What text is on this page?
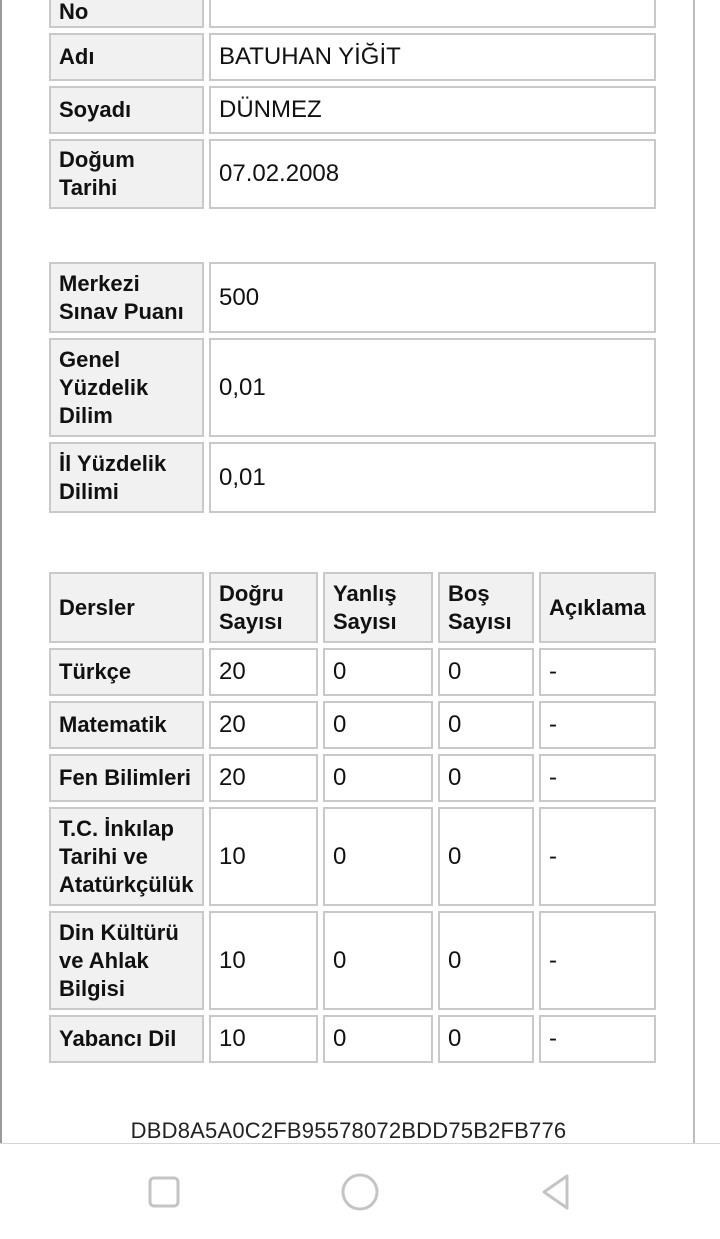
No	
Adı	BATUHAN YİĞİT
Soyadı	DÜNMEZ
Doğum Tarihi	07.02.2008
Merkezi Sınav Puanı	500
Genel Yüzdelik Dilim	0,01
İl Yüzdelik Dilimi	0,01
Dersler	Doğru Sayısı	Yanlış Sayısı	Boş Sayısı	Açıklama
Türkçe	20	0	0	-
Matematik	20	0	0	-
Fen Bilimleri	20	0	0	-
T.C. İnkılap Tarihi ve Atatürkçülük	10	0	0	-
Din Kültürü ve Ahlak Bilgisi	10	0	0	-
Yabancı Dil	10	0	0	-
DBD8A5A0C2FB95578072BDD75B2FB776
